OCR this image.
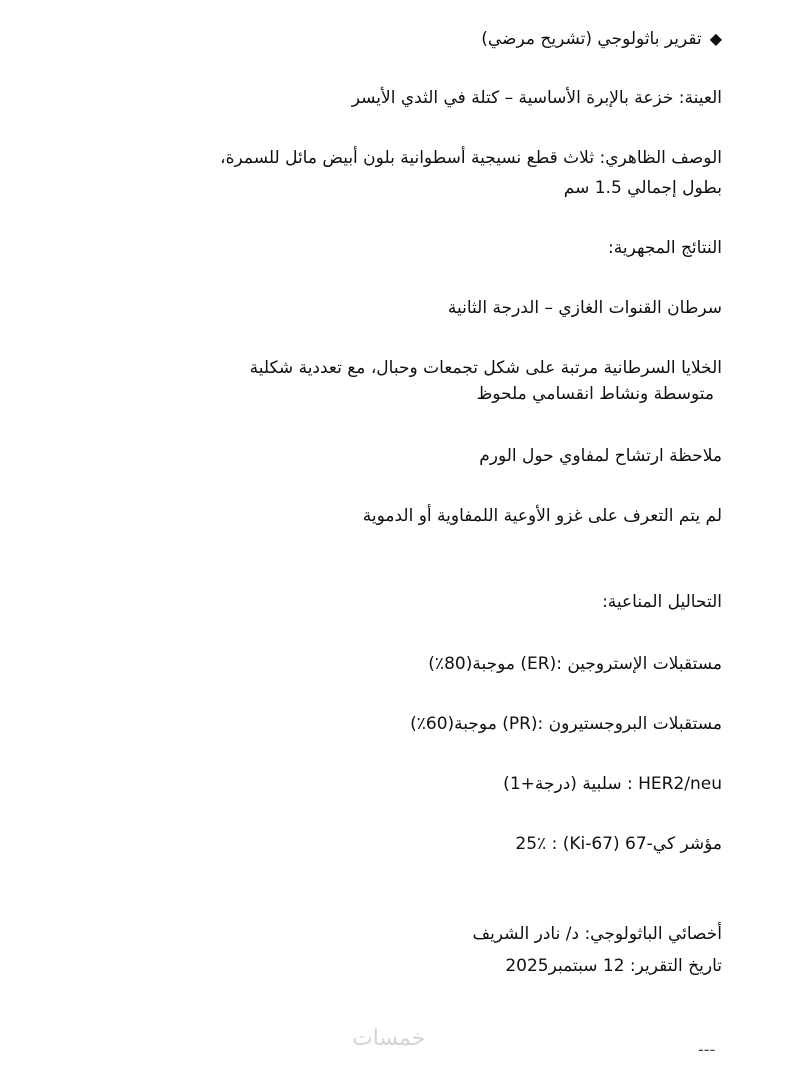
◆تقرير باثولوجي (تشريح مرضي)
العينة: خزعة بالإبرة الأساسية – كتلة في الثدي الأيسر
الوصف الظاهري: ثلاث قطع نسيجية أسطوانية بلون أبيض مائل للسمرة،
بطول إجمالي 1.5 سم
النتائج المجهرية:
سرطان القنوات الغازي – الدرجة الثانية
الخلايا السرطانية مرتبة على شكل تجمعات وحبال، مع تعددية شكلية
متوسطة ونشاط انقسامي ملحوظ
ملاحظة ارتشاح لمفاوي حول الورم
لم يتم التعرف على غزو الأوعية اللمفاوية أو الدموية
التحاليل المناعية:
مستقبلات الإستروجين :(ER) موجبة(80٪)
مستقبلات البروجستيرون :(PR) موجبة(60٪)
HER2/neu : سلبية (درجة+1)
مؤشر كي-67 (Ki-67) : 25٪
أخصائي الباثولوجي: د/ نادر الشريف
تاريخ التقرير: 12 سبتمبر2025
خمسات	---
